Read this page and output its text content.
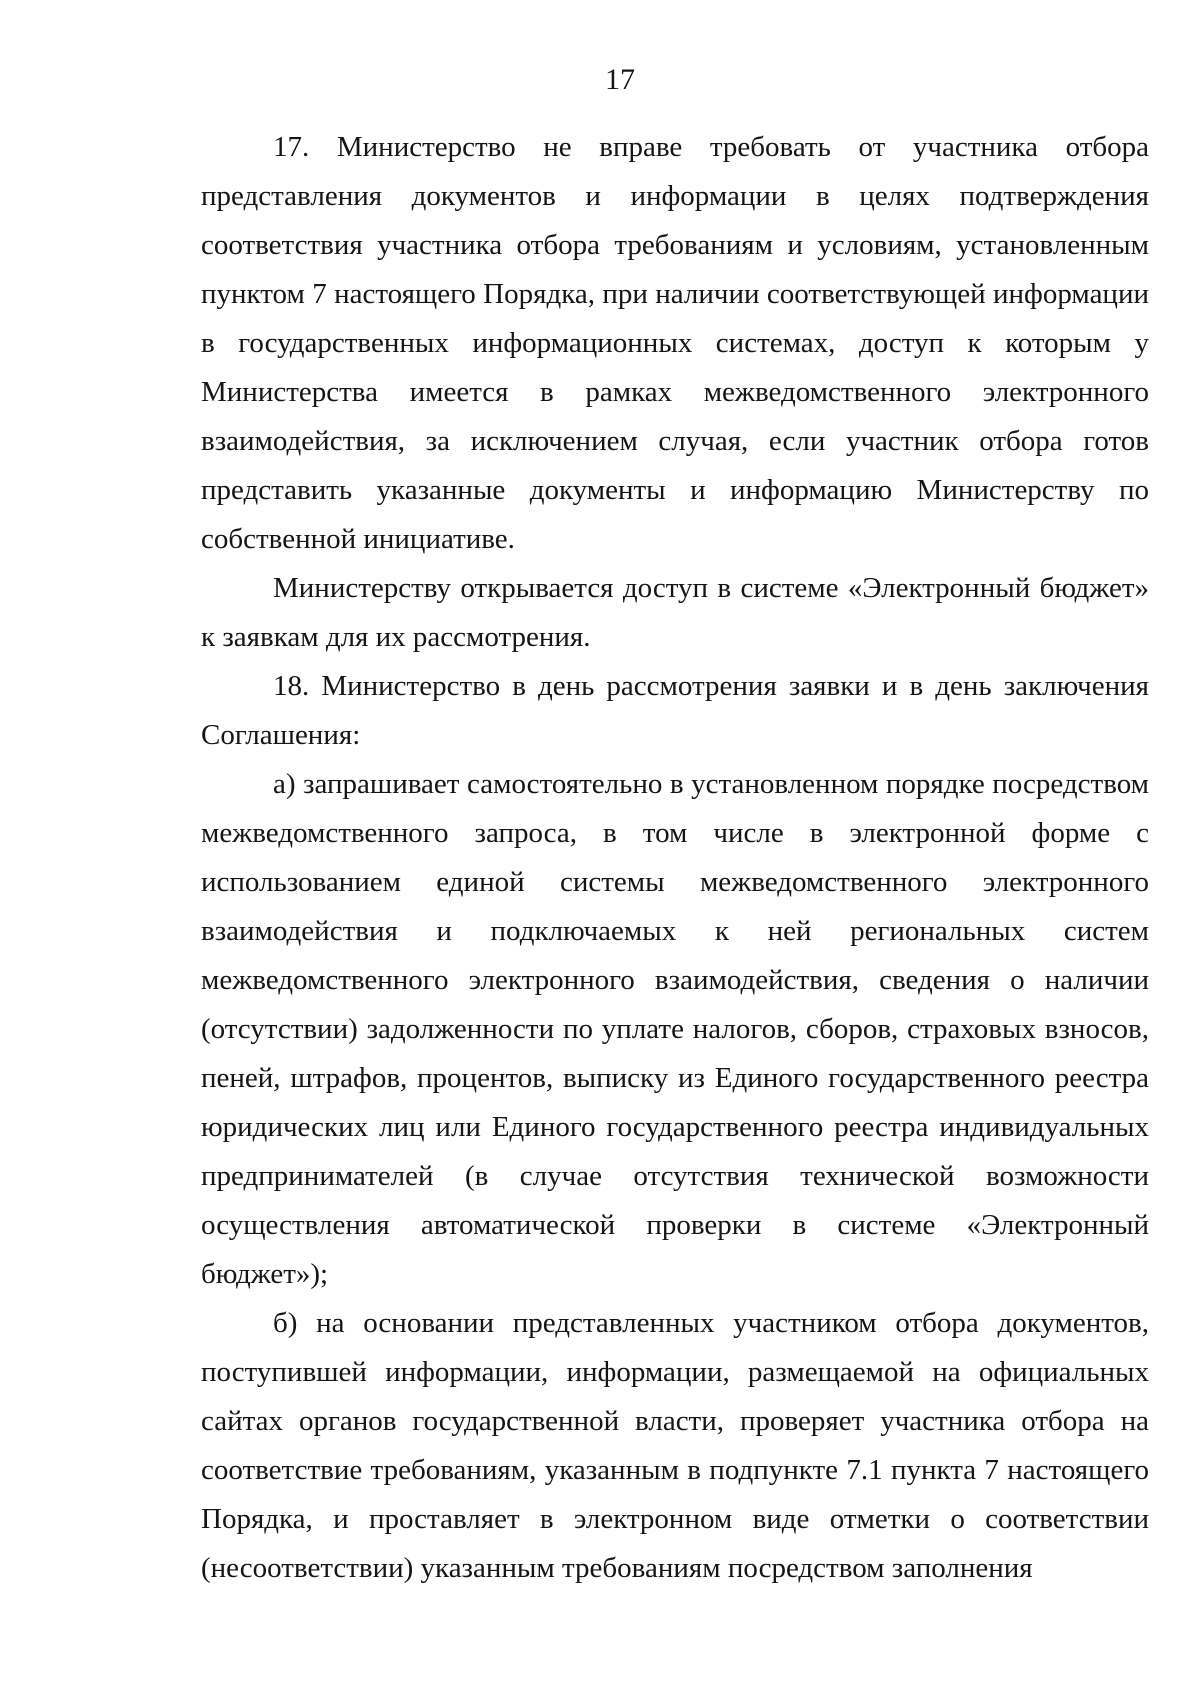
17

17. Министерство не вправе требовать от участника отбора представления документов и информации в целях подтверждения соответствия участника отбора требованиям и условиям, установленным пунктом 7 настоящего Порядка, при наличии соответствующей информации в государственных информационных системах, доступ к которым у Министерства имеется в рамках межведомственного электронного взаимодействия, за исключением случая, если участник отбора готов представить указанные документы и информацию Министерству по собственной инициативе.

Министерству открывается доступ в системе «Электронный бюджет» к заявкам для их рассмотрения.

18. Министерство в день рассмотрения заявки и в день заключения Соглашения:

а) запрашивает самостоятельно в установленном порядке посредством межведомственного запроса, в том числе в электронной форме с использованием единой системы межведомственного электронного взаимодействия и подключаемых к ней региональных систем межведомственного электронного взаимодействия, сведения о наличии (отсутствии) задолженности по уплате налогов, сборов, страховых взносов, пеней, штрафов, процентов, выписку из Единого государственного реестра юридических лиц или Единого государственного реестра индивидуальных предпринимателей (в случае отсутствия технической возможности осуществления автоматической проверки в системе «Электронный бюджет»);

б) на основании представленных участником отбора документов, поступившей информации, информации, размещаемой на официальных сайтах органов государственной власти, проверяет участника отбора на соответствие требованиям, указанным в подпункте 7.1 пункта 7 настоящего Порядка, и проставляет в электронном виде отметки о соответствии (несоответствии) указанным требованиям посредством заполнения
